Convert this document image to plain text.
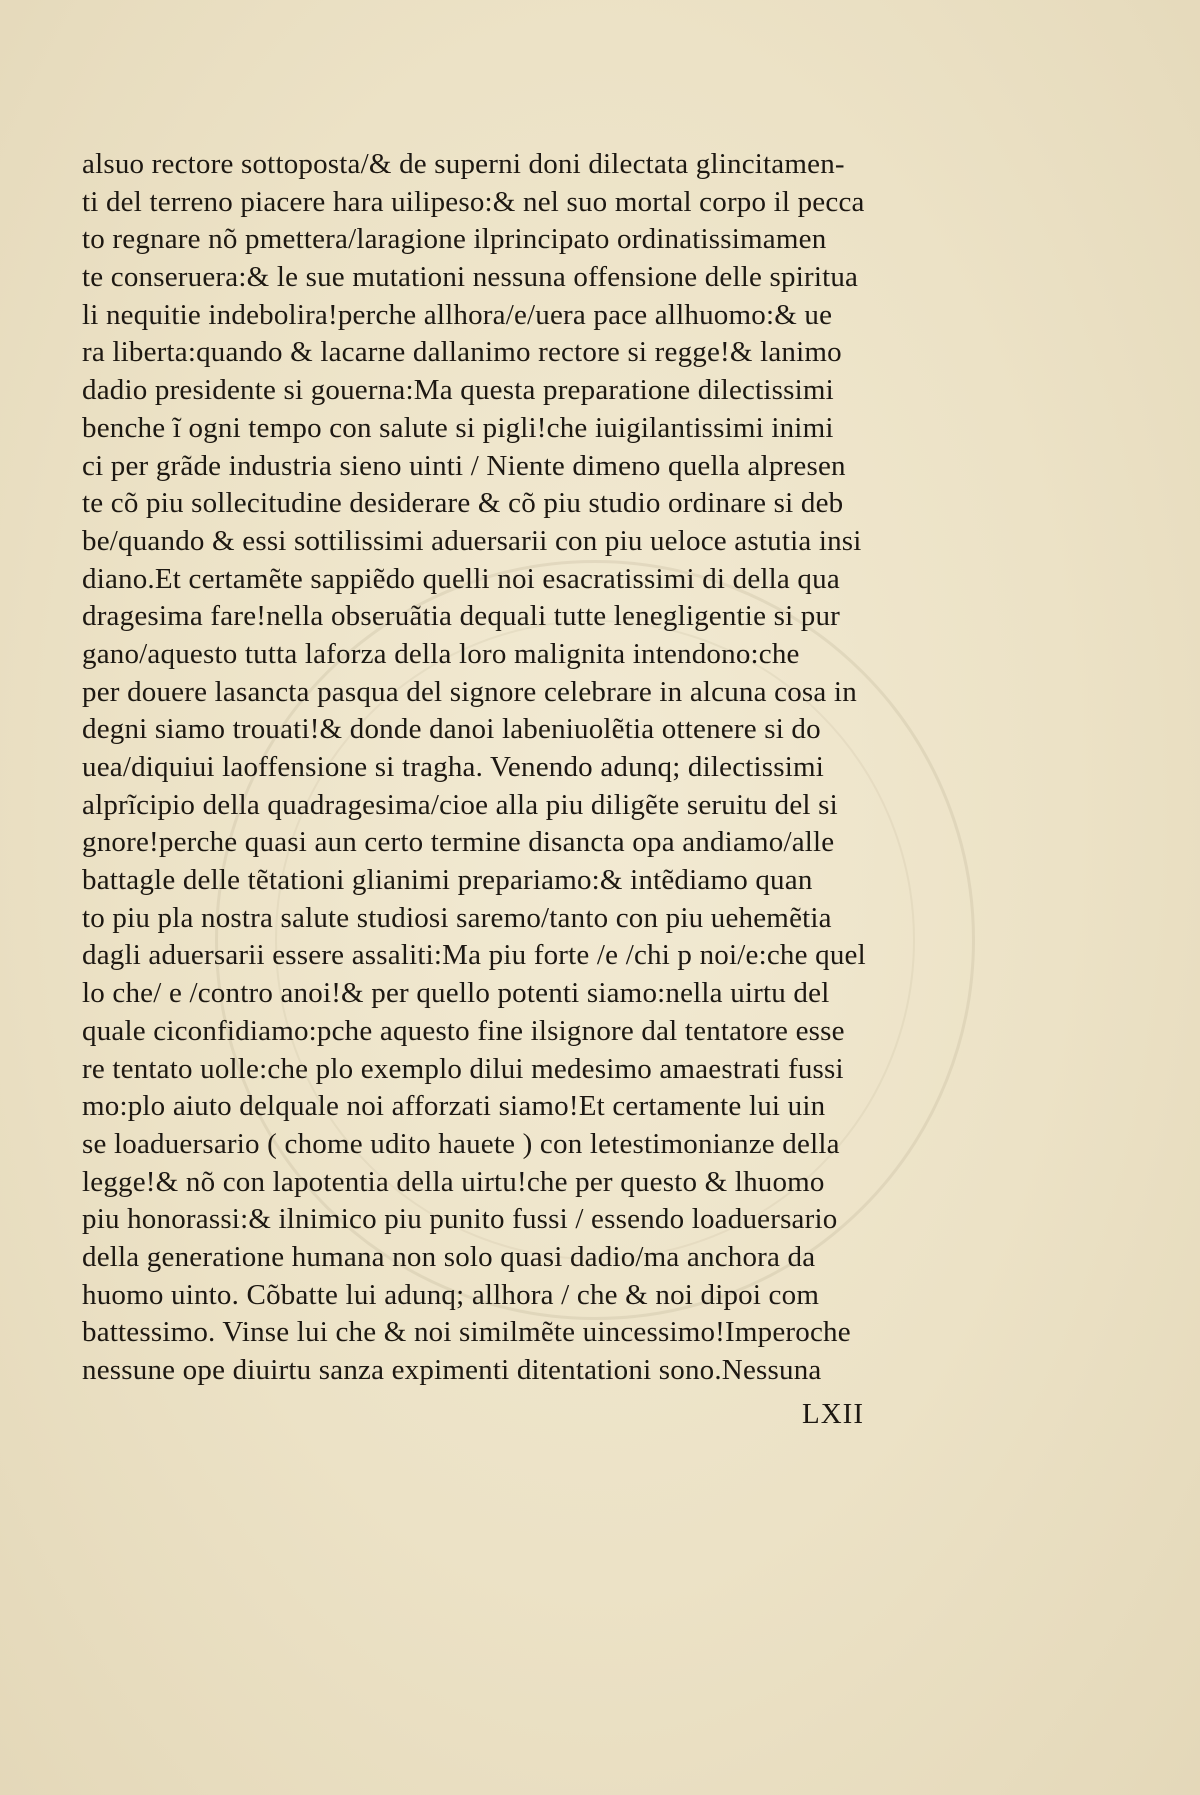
alsuo rectore sottoposta/& de superni doni dilectata glincitamen-
ti del terreno piacere hara uilipeso:& nel suo mortal corpo il pecca
to regnare nõ pmettera/laragione ilprincipato ordinatissimamen
te conseruera:& le sue mutationi nessuna offensione delle spiritua
li nequitie indebolira!perche allhora/e/uera pace allhuomo:& ue
ra liberta:quando & lacarne dallanimo rectore si regge!& lanimo
dadio presidente si gouerna:Ma questa preparatione dilectissimi
benche ĩ ogni tempo con salute si pigli!che iuigilantissimi inimi
ci per grãde industria sieno uinti / Niente dimeno quella alpresen
te cõ piu sollecitudine desiderare & cõ piu studio ordinare si deb
be/quando & essi sottilissimi aduersarii con piu ueloce astutia insi
diano.Et certamẽte sappiẽdo quelli noi esacratissimi di della qua
dragesima fare!nella obseruãtia dequali tutte lenegligentie si pur
gano/aquesto tutta laforza della loro malignita intendono:che
per douere lasancta pasqua del signore celebrare in alcuna cosa in
degni siamo trouati!& donde danoi labeniuolẽtia ottenere si do
uea/diquiui laoffensione si tragha. Venendo adunq; dilectissimi
alprĩcipio della quadragesima/cioe alla piu diligẽte seruitu del si
gnore!perche quasi aun certo termine disancta opa andiamo/alle
battagle delle tẽtationi glianimi prepariamo:& intẽdiamo quan
to piu pla nostra salute studiosi saremo/tanto con piu uehemẽtia
dagli aduersarii essere assaliti:Ma piu forte /e /chi p noi/e:che quel
lo che/ e /contro anoi!& per quello potenti siamo:nella uirtu del
quale ciconfidiamo:pche aquesto fine ilsignore dal tentatore esse
re tentato uolle:che plo exemplo dilui medesimo amaestrati fussi
mo:plo aiuto delquale noi afforzati siamo!Et certamente lui uin
se loaduersario ( chome udito hauete ) con letestimonianze della
legge!& nõ con lapotentia della uirtu!che per questo & lhuomo
piu honorassi:& ilnimico piu punito fussi / essendo loaduersario
della generatione humana non solo quasi dadio/ma anchora da
huomo uinto. Cõbatte lui adunq; allhora / che & noi dipoi com
battessimo. Vinse lui che & noi similmẽte uincessimo!Imperoche
nessune ope diuirtu sanza expimenti ditentationi sono.Nessuna
LXII
